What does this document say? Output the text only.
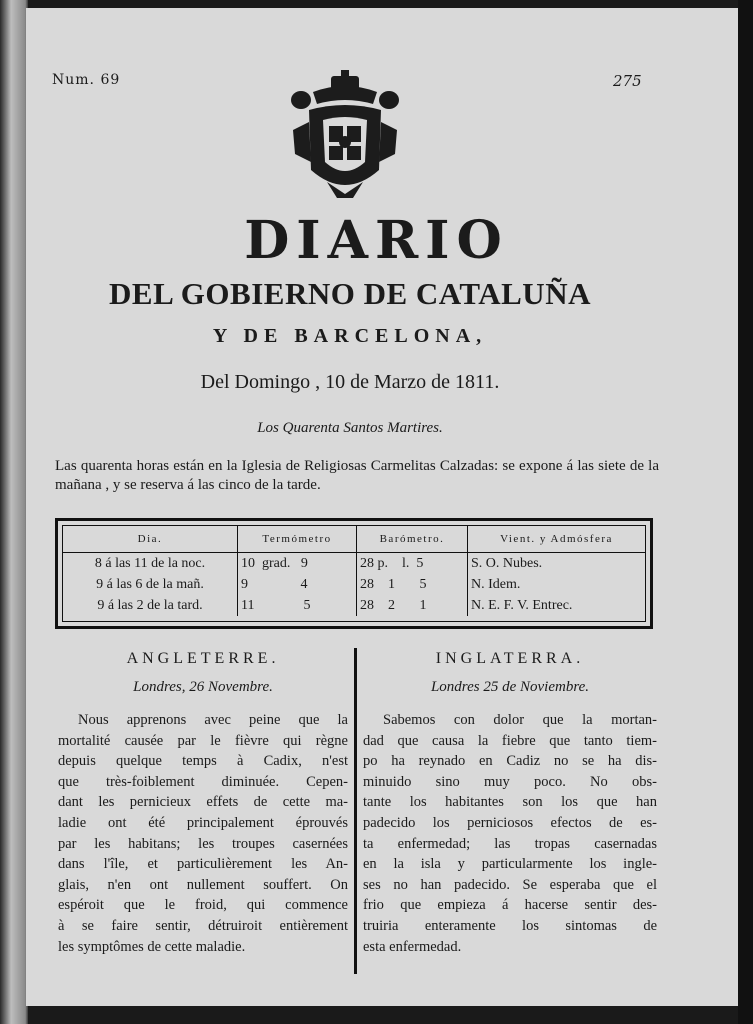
Num. 69	275
DIARIO
DEL GOBIERNO DE CATALUÑA
Y DE BARCELONA,
Del Domingo , 10 de Marzo de 1811.
Los Quarenta Santos Martires.
Las quarenta horas están en la Iglesia de Religiosas Carmelitas Calzadas: se expone á las siete de la mañana , y se reserva á las cinco de la tarde.
Dia.	Termómetro	Barómetro.	Vient. y Admósfera
8 á las 11 de la noc.	10  grad.   9	28 p.    l.  5	S. O. Nubes.
9 á las 6 de la mañ.	9               4	28    1       5	N. Idem.
9 á las 2 de la tard.	11              5	28    2       1	N. E. F. V. Entrec.
ANGLETERRE.
Londres, 26 Novembre.
Nous apprenons avec peine que la
mortalité causée par le fièvre qui règne
depuis quelque temps à Cadix, n'est
que très-foiblement diminuée. Cepen-
dant les pernicieux effets de cette ma-
ladie ont été principalement éprouvés
par les habitans; les troupes casernées
dans l'île, et particulièrement les An-
glais, n'en ont nullement souffert. On
espéroit que le froid, qui commence
à se faire sentir, détruiroit entièrement
les symptômes de cette maladie.
INGLATERRA.
Londres 25 de Noviembre.
Sabemos con dolor que la mortan-
dad que causa la fiebre que tanto tiem-
po ha reynado en Cadiz no se ha dis-
minuido sino muy poco. No obs-
tante los habitantes son los que han
padecido los perniciosos efectos de es-
ta enfermedad; las tropas casernadas
en la isla y particularmente los ingle-
ses no han padecido. Se esperaba que el
frio que empieza á hacerse sentir des-
truiria enteramente los sintomas de
esta enfermedad.
